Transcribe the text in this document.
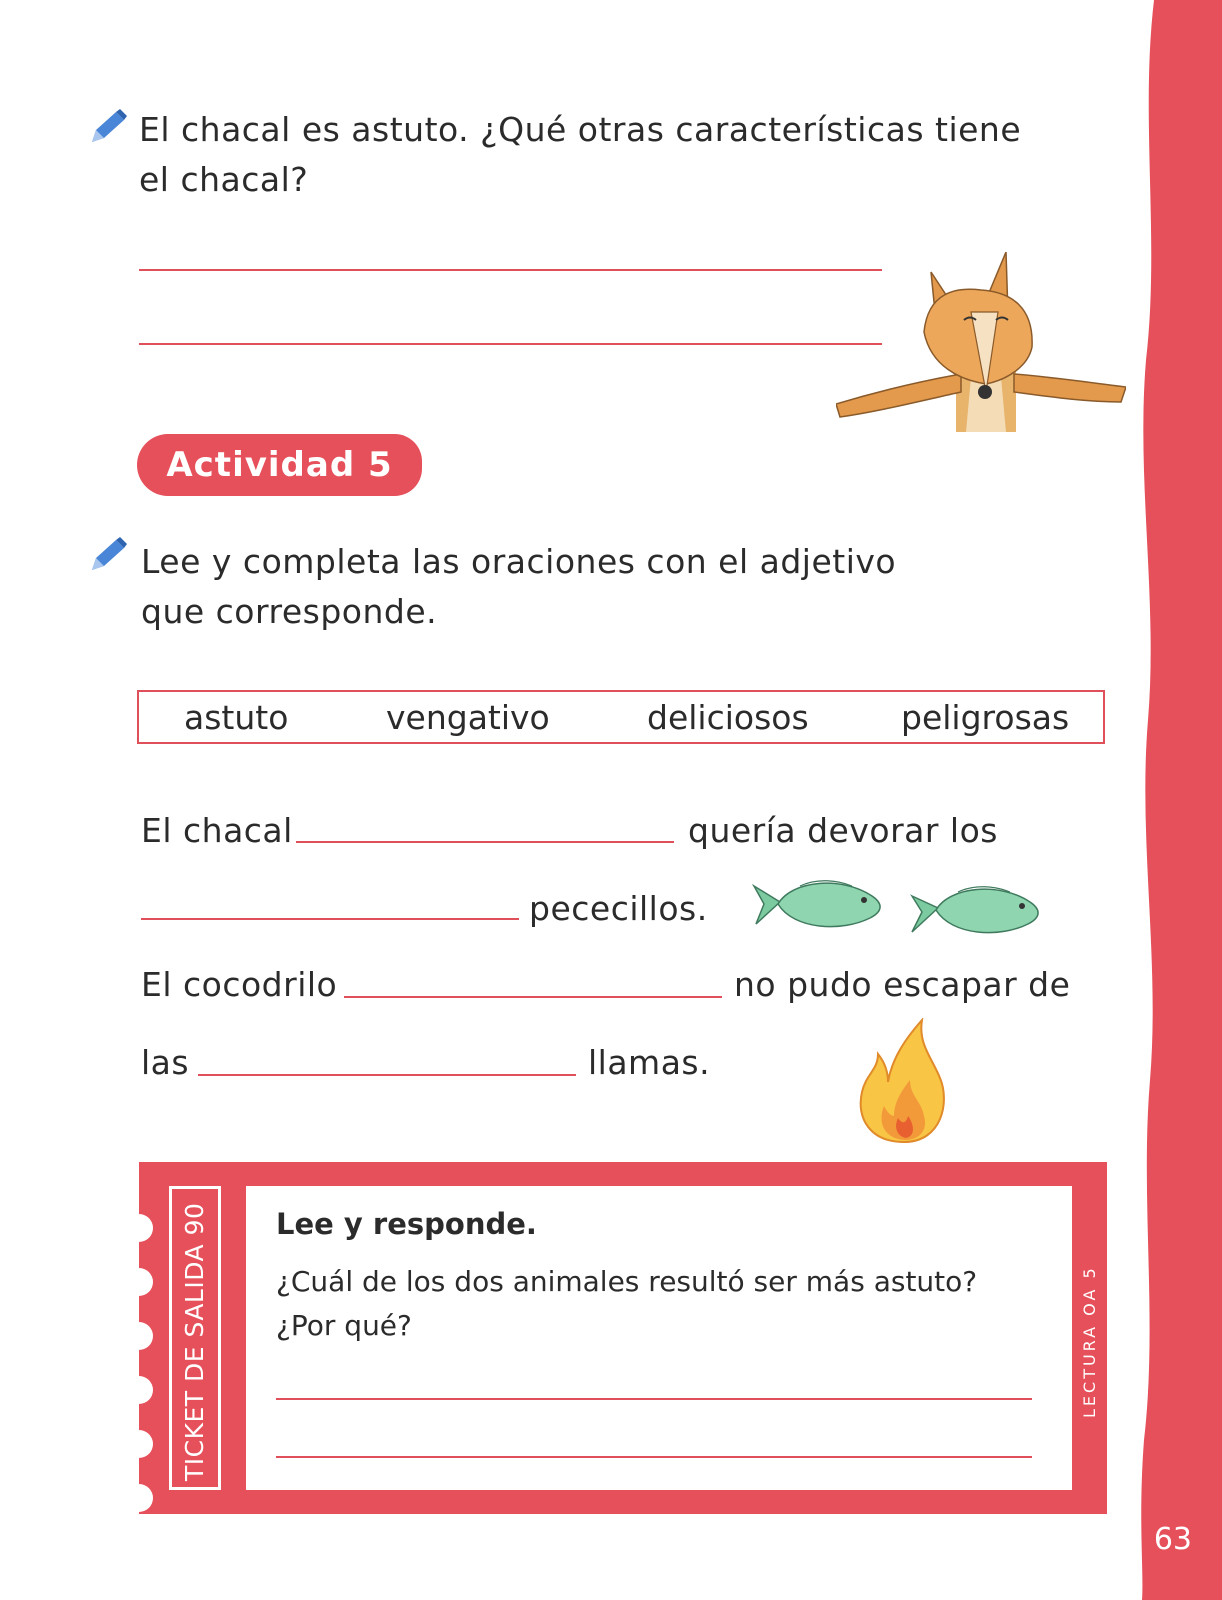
63
El chacal es astuto. ¿Qué otras características tiene
el chacal?
Actividad 5
Lee y completa las oraciones con el adjetivo
que corresponde.
astuto	vengativo	deliciosos	peligrosas
El chacal	quería devorar los
pececillos.
El cocodrilo	no pudo escapar de
las	llamas.
TICKET DE SALIDA 90 Lee y responde.
¿Cuál de los dos animales resultó ser más astuto?
¿Por qué?	LECTURA OA 5
